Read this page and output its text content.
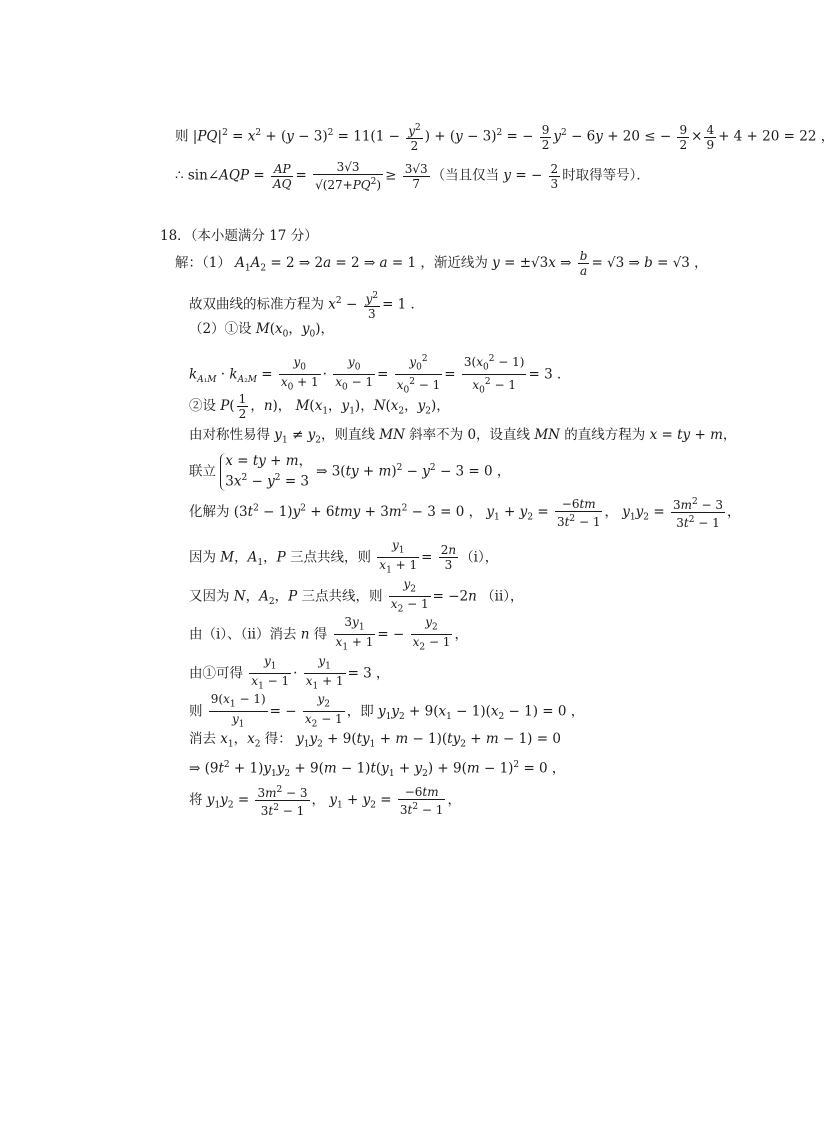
则 $|PQ|^2 = x^2 + (y - 3)^2 = 11(1 - \frac{y^2}{2}$ ) + $(y - 3)^2$ = − $\frac{9}{2} y^2 - 6y + 20$ ≤ − $\frac{9}{2} \times \frac{4}{9} + 4 + 20 = 22$ ，
∴ sin∠AQP = $\frac{AP}{AQ} = \frac{3√3}{√(27+PQ^2)} \ge \frac{3√3}{7}$ （当且仅当 y = − $\frac{2}{3}$ 时取得等号）．
18．（本小题满分 17 分）
解：（1） $A_1A_2 = 2$ ⇒ 2a = 2 ⇒ a = 1 ，渐近线为 y = ±√3x ⇒ $\frac{b}{a} = √3$ ⇒ b = √3 ，
故双曲线的标准方程为 $x^2 - \frac{y^2}{3} = 1$ ．
（2）①设 $M(x_0$，$y_0$)，
$k_{A_1M} \cdot k_{A_2M} = \frac{y_0}{x_0 + 1} \cdot \frac{y_0}{x_0 - 1} = \frac{y_0^2}{x_0^2 - 1} = \frac{3(x_0^2 - 1)}{x_0^2 - 1} = 3$ ．
②设 $P( \frac{1}{2}$ ，n)， $M(x_1$，$y_1$)，$N(x_2$，$y_2$)，
由对称性易得 $y_1 \ne y_2$，则直线 MN 斜率不为 0，设直线 MN 的直线方程为 x = ty + m，
联立
x = ty + m，
$3x^2 - y^2 = 3$
⇒ $3(ty + m)^2 - y^2 - 3 = 0$ ，
化解为 $(3t^2 - 1)y^2 + 6tmy + 3m^2 - 3 = 0$ ， $y_1 + y_2 = \frac{-6tm}{3t^2 - 1}$ ， $y_1y_2 = \frac{3m^2 - 3}{3t^2 - 1}$ ，
因为 M，$A_1$，P 三点共线，则 $\frac{y_1}{x_1 + 1} = \frac{2n}{3} (i)$，
又因为 N，$A_2$，P 三点共线，则 $\frac{y_2}{x_2 - 1} = -2n$ （ii），
由（i）、（ii）消去 n 得 $\frac{3y_1}{x_1 + 1}$ = − $\frac{y_2}{x_2 - 1}$ ，
由①可得 $\frac{y_1}{x_1 - 1} \cdot \frac{y_1}{x_1 + 1} = 3$ ，
则 $\frac{9(x_1 - 1)}{y_1}$ = − $\frac{y_2}{x_2 - 1}$ ，即 $y_1y_2 + 9(x_1 - 1)(x_2 - 1) = 0$ ，
消去 $x_1$，$x_2$ 得： $y_1y_2 + 9(ty_1 + m - 1)(ty_2 + m - 1) = 0$
⇒ $(9t^2 + 1)y_1y_2 + 9(m - 1)t(y_1 + y_2) + 9(m - 1)^2 = 0$ ，
将 $y_1y_2 = \frac{3m^2 - 3}{3t^2 - 1}$ ， $y_1 + y_2 = \frac{-6tm}{3t^2 - 1}$ ，
